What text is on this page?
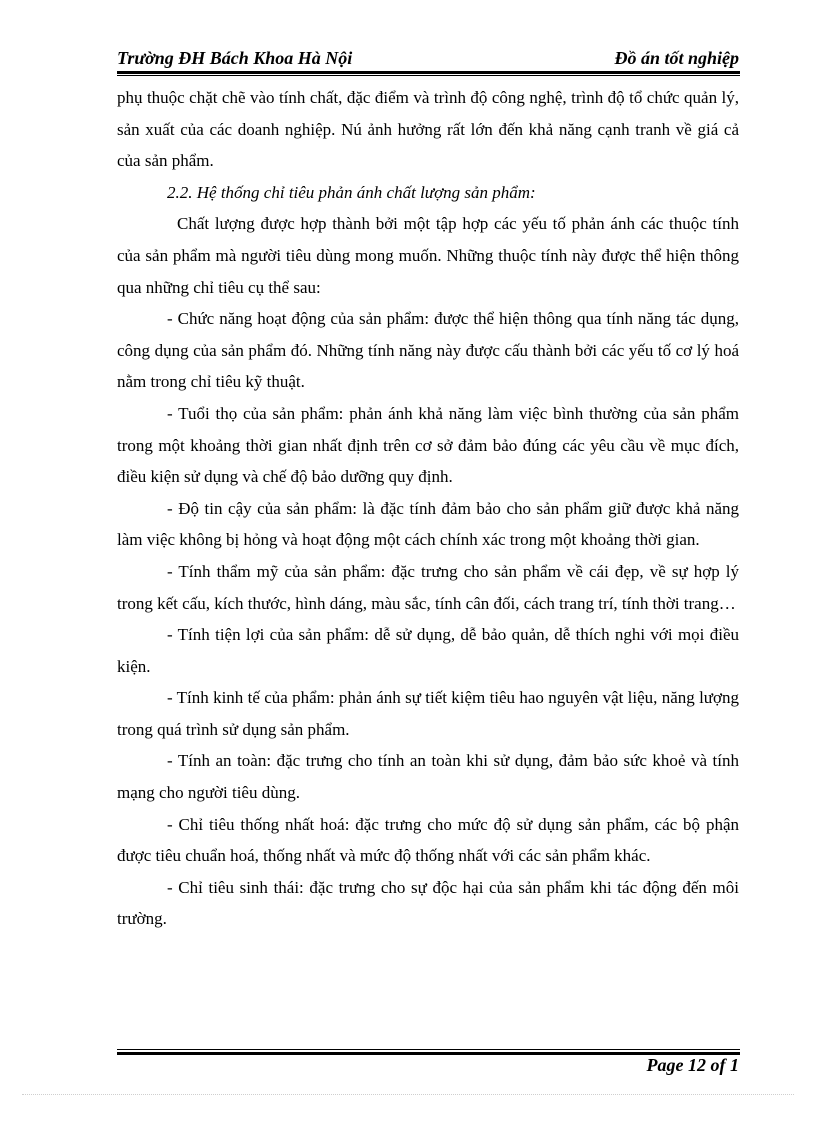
Trường ĐH Bách Khoa Hà Nội	Đồ án tốt nghiệp

phụ thuộc chặt chẽ vào tính chất, đặc điểm và trình độ công nghệ, trình độ tổ chức quản lý, sản xuất của các doanh nghiệp. Nú ảnh hưởng rất lớn đến khả năng cạnh tranh về giá cả của sản phẩm.

2.2. Hệ thống chỉ tiêu phản ánh chất lượng sản phẩm:

Chất lượng được hợp thành bởi một tập hợp các yếu tố phản ánh các thuộc tính của sản phẩm mà người tiêu dùng mong muốn. Những thuộc tính này được thể hiện thông qua những chỉ tiêu cụ thể sau:

- Chức năng hoạt động của sản phẩm: được thể hiện thông qua tính năng tác dụng, công dụng của sản phẩm đó. Những tính năng này được cấu thành bởi các yếu tố cơ lý hoá nằm trong chỉ tiêu kỹ thuật.

- Tuổi thọ của sản phẩm: phản ánh khả năng làm việc bình thường của sản phẩm trong một khoảng thời gian nhất định trên cơ sở đảm bảo đúng các yêu cầu về mục đích, điều kiện sử dụng và chế độ bảo dưỡng quy định.

- Độ tin cậy của sản phẩm: là đặc tính đảm bảo cho sản phẩm giữ được khả năng làm việc không bị hỏng và hoạt động một cách chính xác trong một khoảng thời gian.

- Tính thẩm mỹ của sản phẩm: đặc trưng cho sản phẩm về cái đẹp, về sự hợp lý trong kết cấu, kích thước, hình dáng, màu sắc, tính cân đối, cách trang trí, tính thời trang…

- Tính tiện lợi của sản phẩm: dễ sử dụng, dễ bảo quản, dễ thích nghi với mọi điều kiện.

- Tính kinh tế của phẩm: phản ánh sự tiết kiệm tiêu hao nguyên vật liệu, năng lượng trong quá trình sử dụng sản phẩm.

- Tính an toàn: đặc trưng cho tính an toàn khi sử dụng, đảm bảo sức khoẻ và tính mạng cho người tiêu dùng.

- Chỉ tiêu thống nhất hoá: đặc trưng cho mức độ sử dụng sản phẩm, các bộ phận được tiêu chuẩn hoá, thống nhất và mức độ thống nhất với các sản phẩm khác.

- Chỉ tiêu sinh thái: đặc trưng cho sự độc hại của sản phẩm khi tác động đến môi trường.

Page 12 of 1
